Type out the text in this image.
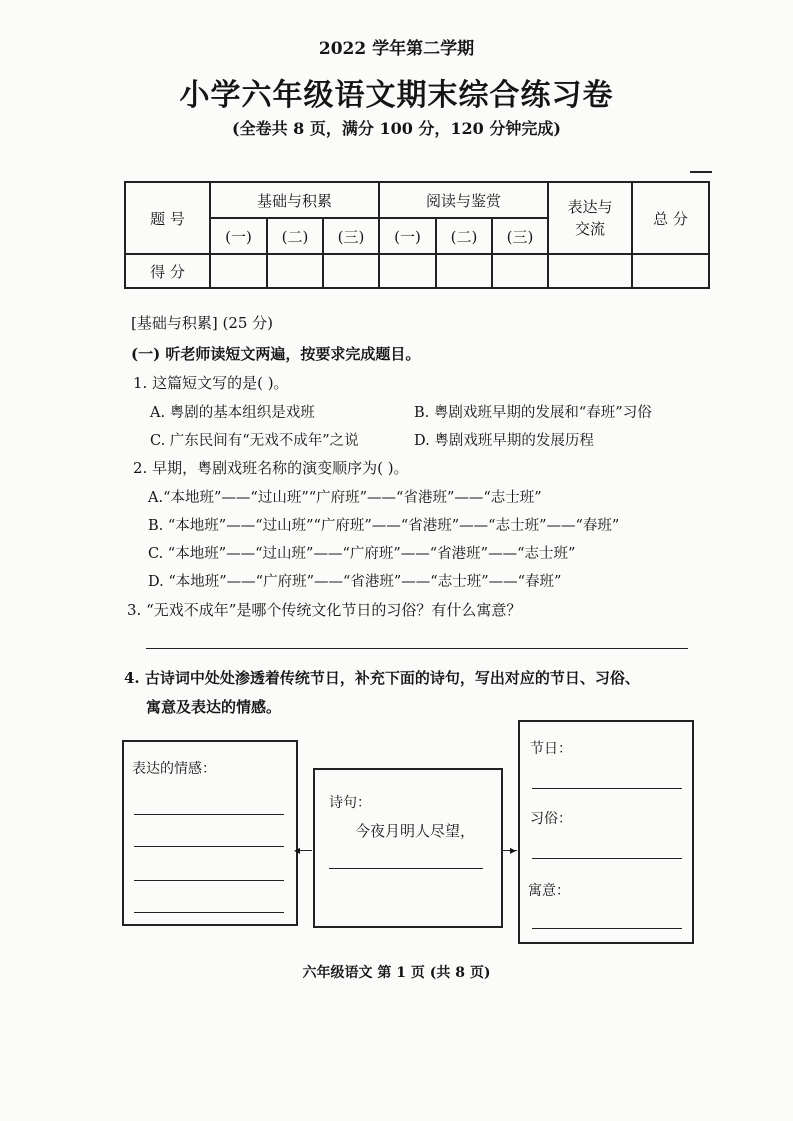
2022 学年第二学期
小学六年级语文期末综合练习卷
(全卷共 8 页，满分 100 分，120 分钟完成)
题 号	基础与积累			阅读与鉴赏			表达与交流	总 分
	(一)	(二)	(三)	(一)	(二)	(三)		
得 分								
[基础与积累] (25 分)
(一) 听老师读短文两遍，按要求完成题目。
1. 这篇短文写的是( )。
A. 粤剧的基本组织是戏班	B. 粤剧戏班早期的发展和“春班”习俗
C. 广东民间有“无戏不成年”之说	D. 粤剧戏班早期的发展历程
2. 早期，粤剧戏班名称的演变顺序为( )。
A.“本地班”——“过山班”“广府班”——“省港班”——“志士班”
B. “本地班”——“过山班”“广府班”——“省港班”——“志士班”——“春班”
C. “本地班”——“过山班”——“广府班”——“省港班”——“志士班”
D. “本地班”——“广府班”——“省港班”——“志士班”——“春班”
3. “无戏不成年”是哪个传统文化节日的习俗？有什么寓意？
4. 古诗词中处处渗透着传统节日，补充下面的诗句，写出对应的节日、习俗、
寓意及表达的情感。
表达的情感：
◂
诗句：
今夜月明人尽望，
▸
节日：
习俗：
寓意：
六年级语文 第 1 页 (共 8 页)
